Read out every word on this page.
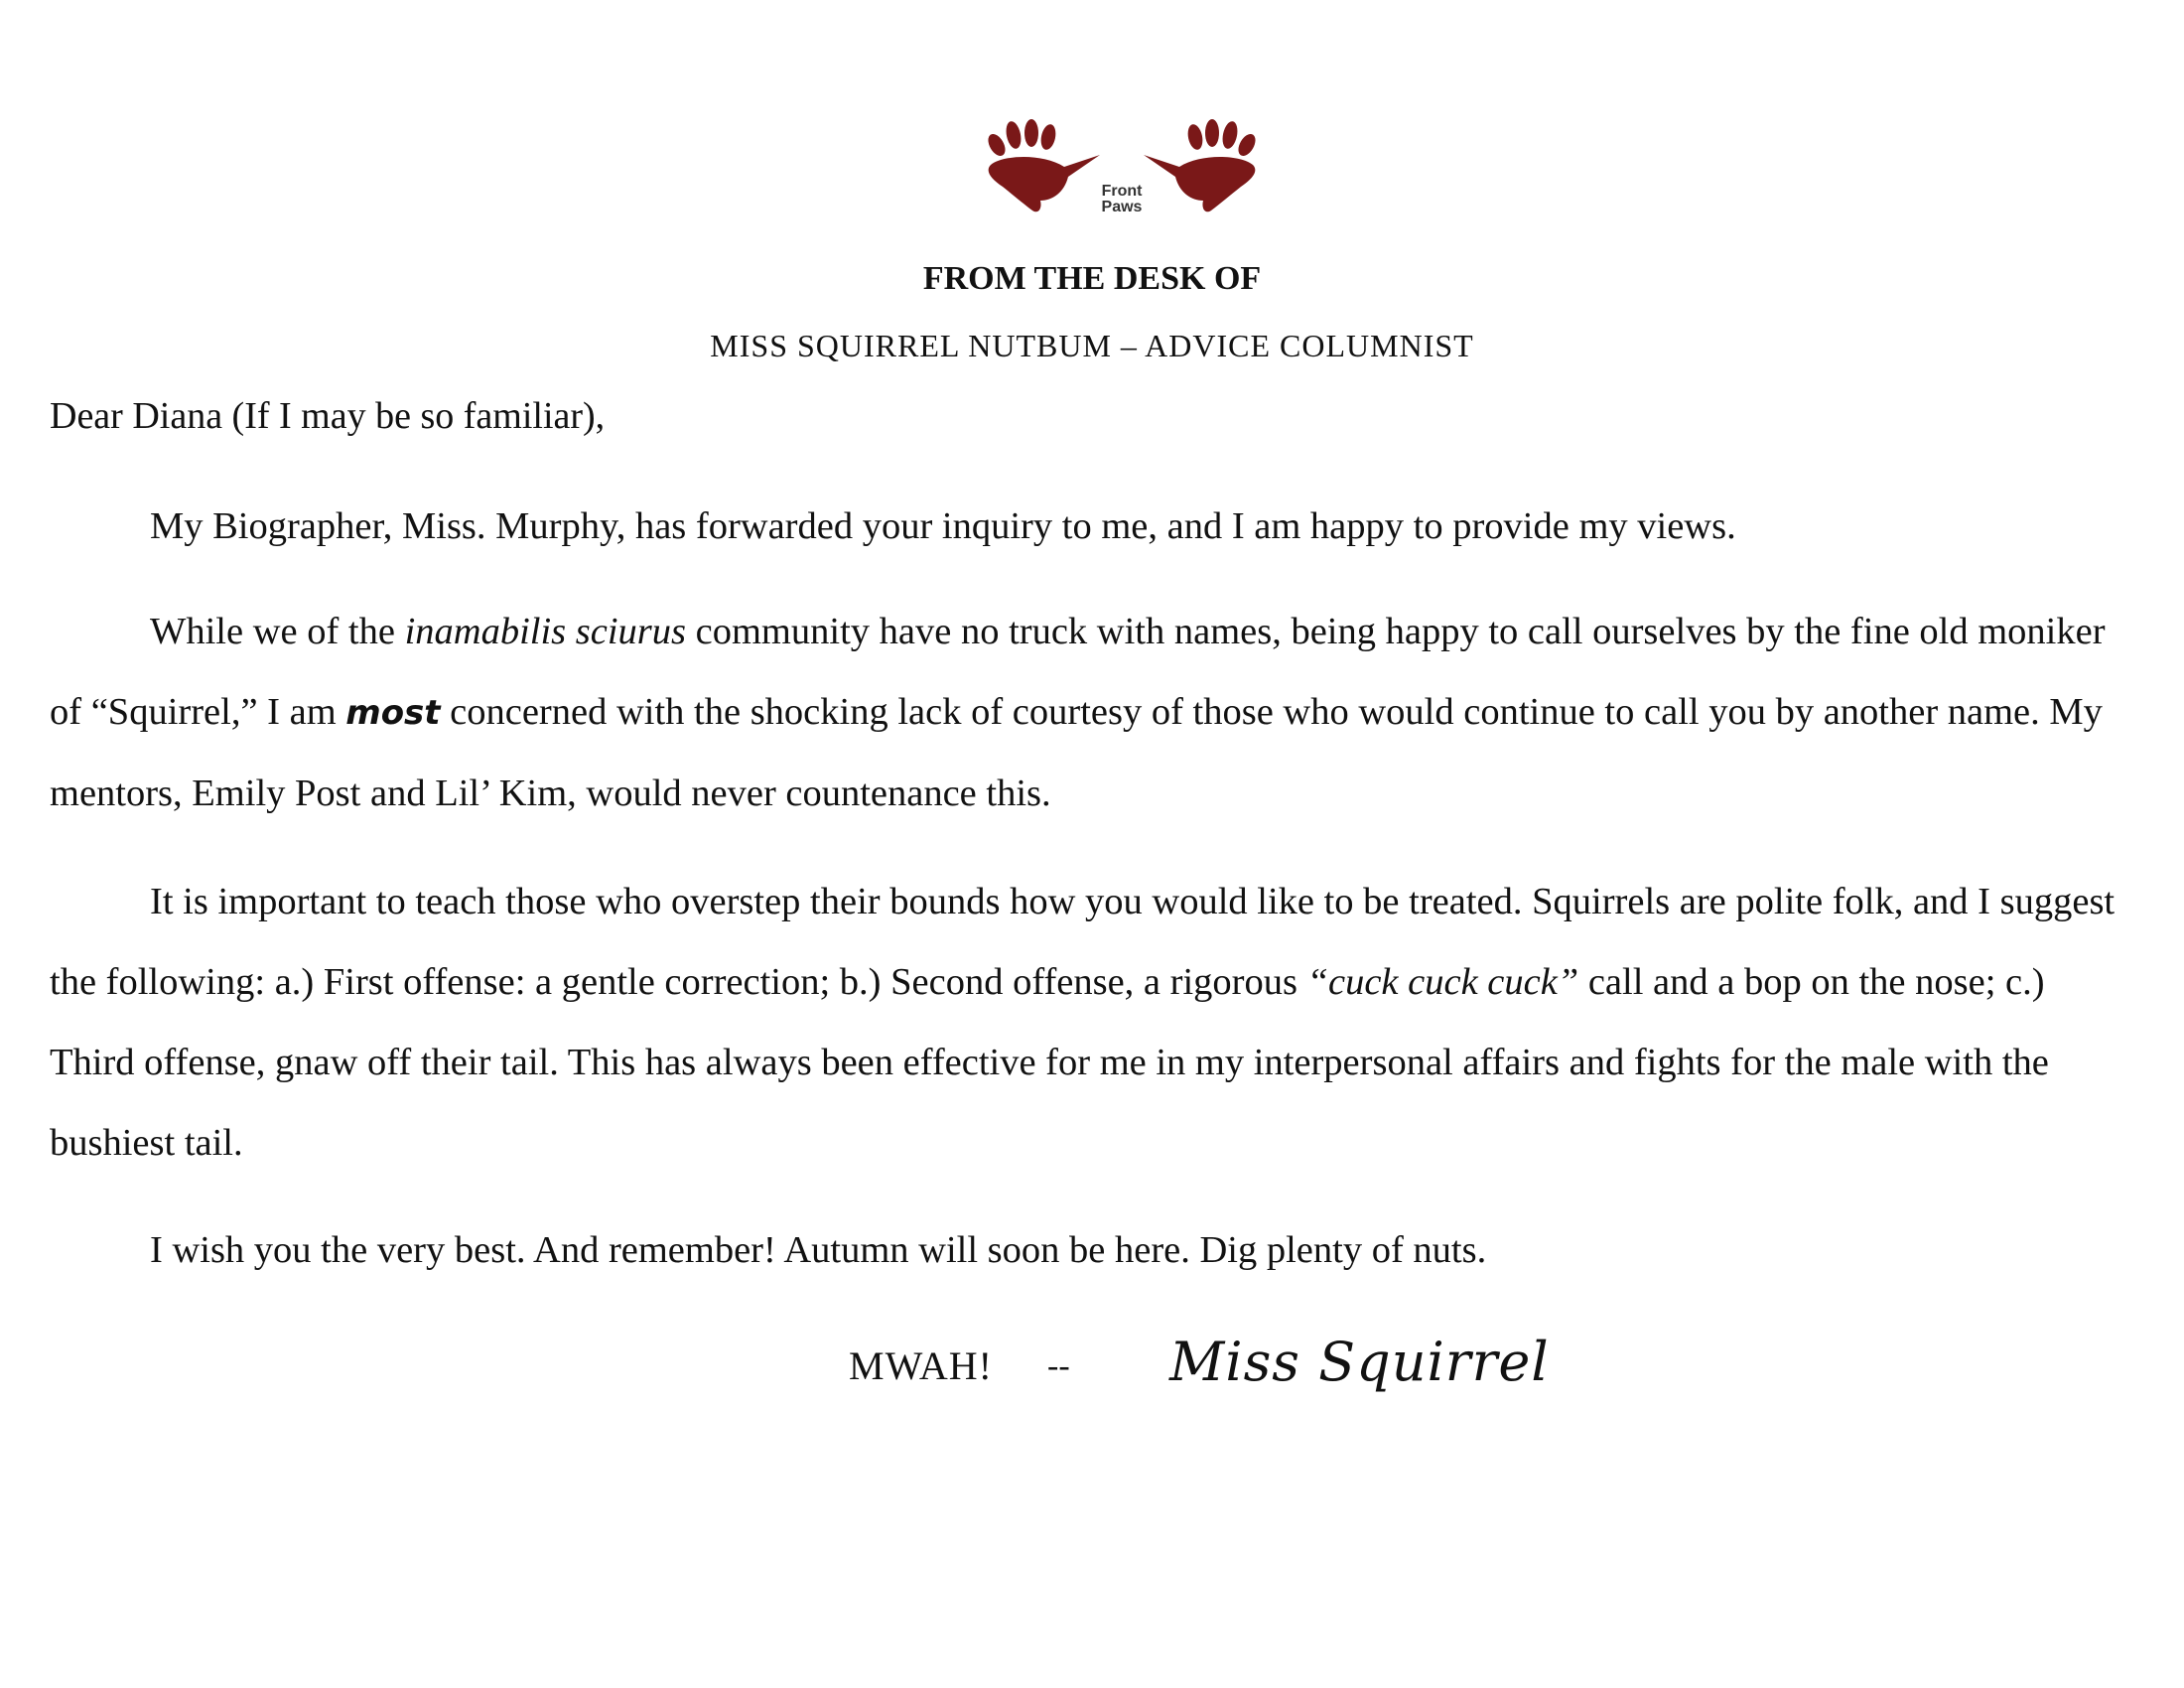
Front
Paws
FROM THE DESK OF
MISS SQUIRREL NUTBUM – ADVICE COLUMNIST
Dear Diana (If I may be so familiar),
My Biographer, Miss. Murphy, has forwarded your inquiry to me, and I am happy to provide my views.
While we of the inamabilis sciurus community have no truck with names, being happy to call ourselves by the fine old moniker of “Squirrel,” I am most concerned with the shocking lack of courtesy of those who would continue to call you by another name. My mentors, Emily Post and Lil’ Kim, would never countenance this.
It is important to teach those who overstep their bounds how you would like to be treated. Squirrels are polite folk, and I suggest the following: a.) First offense: a gentle correction; b.) Second offense, a rigorous “cuck cuck cuck” call and a bop on the nose; c.) Third offense, gnaw off their tail. This has always been effective for me in my interpersonal affairs and fights for the male with the bushiest tail.
I wish you the very best. And remember! Autumn will soon be here. Dig plenty of nuts.
MWAH! -- Miss Squirrel
